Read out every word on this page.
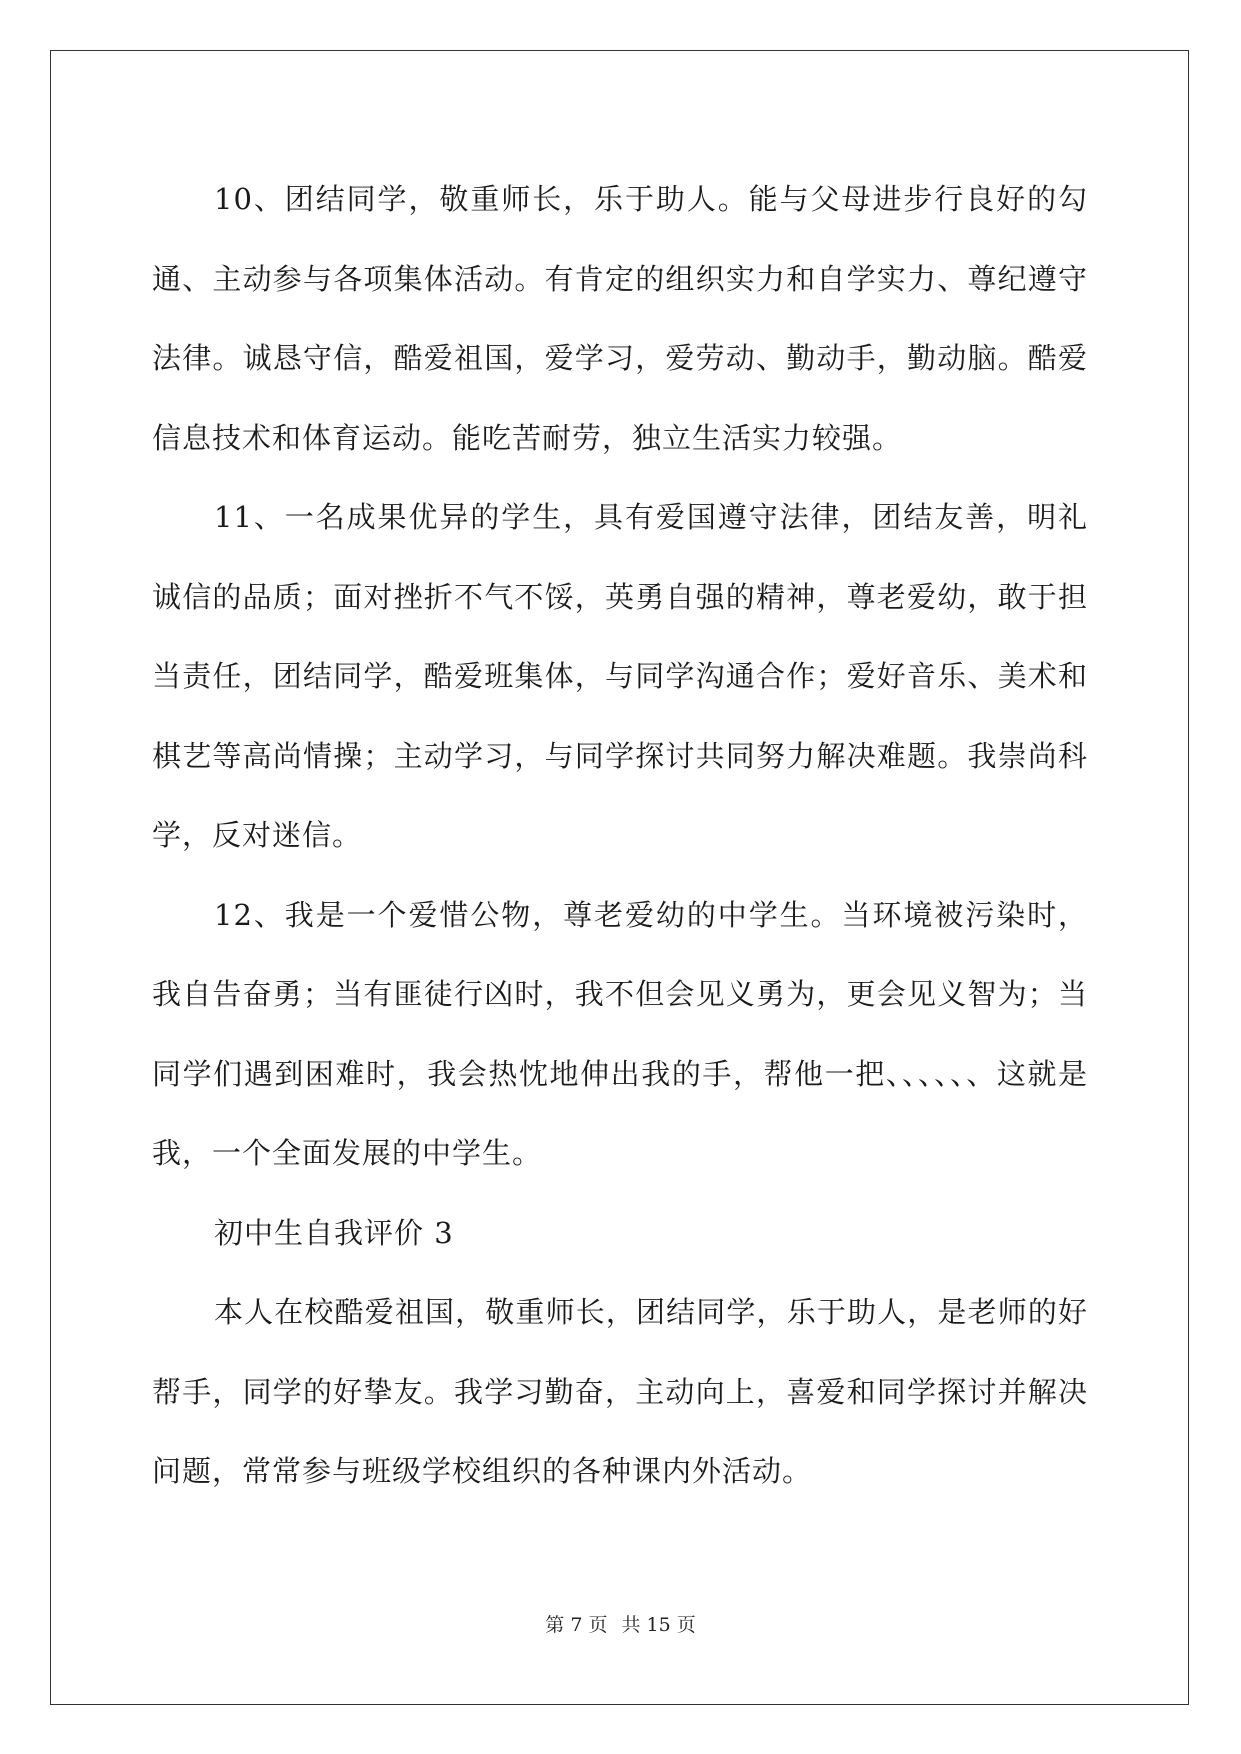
10、团结同学，敬重师长，乐于助人。能与父母进步行良好的勾通、主动参与各项集体活动。有肯定的组织实力和自学实力、尊纪遵守法律。诚恳守信，酷爱祖国，爱学习，爱劳动、勤动手，勤动脑。酷爱信息技术和体育运动。能吃苦耐劳，独立生活实力较强。

11、一名成果优异的学生，具有爱国遵守法律，团结友善，明礼诚信的品质；面对挫折不气不馁，英勇自强的精神，尊老爱幼，敢于担当责任，团结同学，酷爱班集体，与同学沟通合作；爱好音乐、美术和棋艺等高尚情操；主动学习，与同学探讨共同努力解决难题。我崇尚科学，反对迷信。

12、我是一个爱惜公物，尊老爱幼的中学生。当环境被污染时，我自告奋勇；当有匪徒行凶时，我不但会见义勇为，更会见义智为；当同学们遇到困难时，我会热忱地伸出我的手，帮他一把、、、、、、这就是我，一个全面发展的中学生。

初中生自我评价 3

本人在校酷爱祖国，敬重师长，团结同学，乐于助人，是老师的好帮手，同学的好挚友。我学习勤奋，主动向上，喜爱和同学探讨并解决问题，常常参与班级学校组织的各种课内外活动。

第 7 页 共 15 页
